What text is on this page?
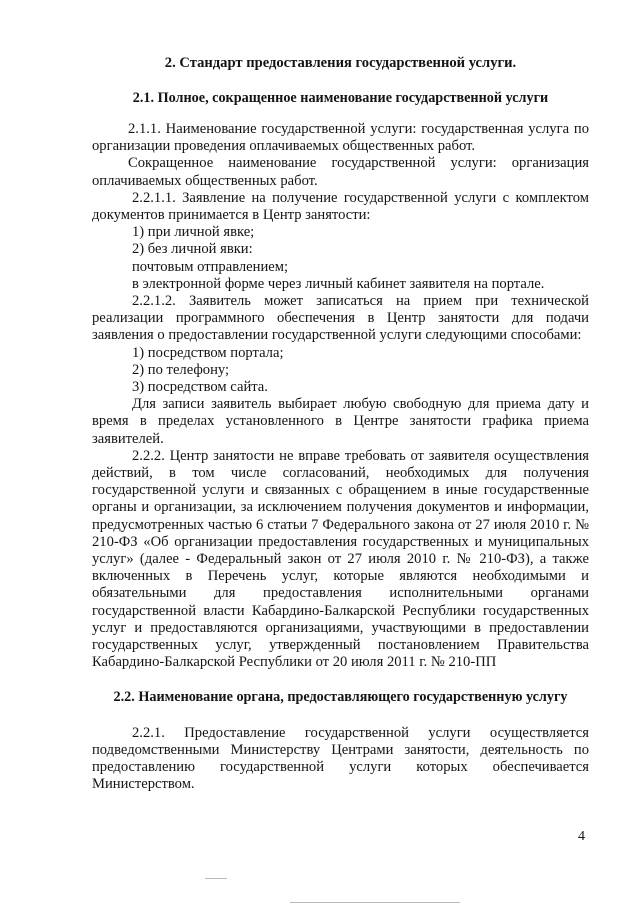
2. Стандарт предоставления государственной услуги.
2.1. Полное, сокращенное наименование государственной услуги

2.1.1. Наименование государственной услуги: государственная услуга по организации проведения оплачиваемых общественных работ.

Сокращенное наименование государственной услуги: организация оплачиваемых общественных работ.

2.2.1.1. Заявление на получение государственной услуги с комплектом документов принимается в Центр занятости:

1) при личной явке;

2) без личной явки:

почтовым отправлением;

в электронной форме через личный кабинет заявителя на портале.

2.2.1.2. Заявитель может записаться на прием при технической реализации программного обеспечения в Центр занятости для подачи заявления о предоставлении государственной услуги следующими способами:

1) посредством портала;

2) по телефону;

3) посредством сайта.

Для записи заявитель выбирает любую свободную для приема дату и время в пределах установленного в Центре занятости графика приема заявителей.

2.2.2. Центр занятости не вправе требовать от заявителя осуществления действий, в том числе согласований, необходимых для получения государственной услуги и связанных с обращением в иные государственные органы и организации, за исключением получения документов и информации, предусмотренных частью 6 статьи 7 Федерального закона от 27 июля 2010 г. № 210-ФЗ «Об организации предоставления государственных и муниципальных услуг» (далее - Федеральный закон от 27 июля 2010 г. № 210-ФЗ), а также включенных в Перечень услуг, которые являются необходимыми и обязательными для предоставления исполнительными органами государственной власти Кабардино-Балкарской Республики государственных услуг и предоставляются организациями, участвующими в предоставлении государственных услуг, утвержденный постановлением Правительства Кабардино-Балкарской Республики от 20 июля 2011 г. № 210-ПП

2.2. Наименование органа, предоставляющего государственную услугу

2.2.1. Предоставление государственной услуги осуществляется подведомственными Министерству Центрами занятости, деятельность по предоставлению государственной услуги которых обеспечивается Министерством.

4
